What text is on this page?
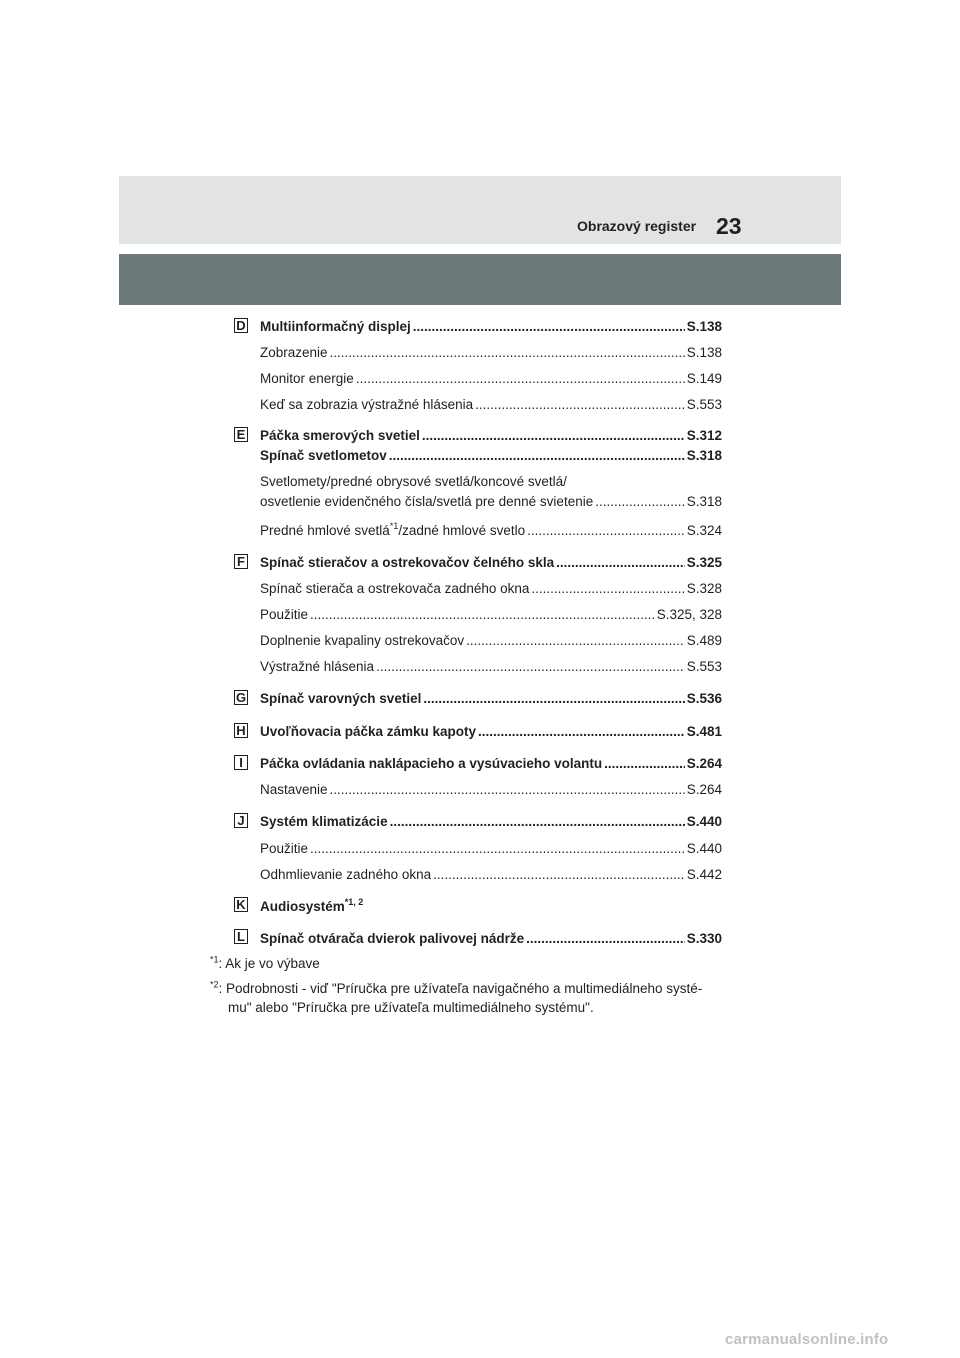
Obrazový register 23
D Multiinformačný displej .....	S.138
Zobrazenie .....	S.138
Monitor energie .....	S.149
Keď sa zobrazia výstražné hlásenia .....	S.553
E Páčka smerových svetiel .....	S.312
Spínač svetlometov .....	S.318
Svetlomety/predné obrysové svetlá/koncové svetlá/
osvetlenie evidenčného čísla/svetlá pre denné svietenie .....	S.318
Predné hmlové svetlá$^{*1}$/zadné hmlové svetlo .....	S.324
F Spínač stieračov a ostrekovačov čelného skla .....	S.325
Spínač stierača a ostrekovača zadného okna .....	S.328
Použitie .....	S.325, 328
Doplnenie kvapaliny ostrekovačov .....	S.489
Výstražné hlásenia .....	S.553
G Spínač varovných svetiel .....	S.536
H Uvoľňovacia páčka zámku kapoty .....	S.481
I	Páčka ovládania naklápacieho a vysúvacieho volantu .....	S.264
Nastavenie .....	S.264
J Systém klimatizácie .....	S.440
Použitie .....	S.440
Odhmlievanie zadného okna .....	S.442
K Audiosystém$^{*1, 2}$
L Spínač otvárača dvierok palivovej nádrže .....	S.330
$^{*1}$: Ak je vo výbave
$^{*2}$: Podrobnosti - viď "Príručka pre užívateľa navigačného a multimediálneho systé-
mu" alebo "Príručka pre užívateľa multimediálneho systému".
carmanualsonline.info
